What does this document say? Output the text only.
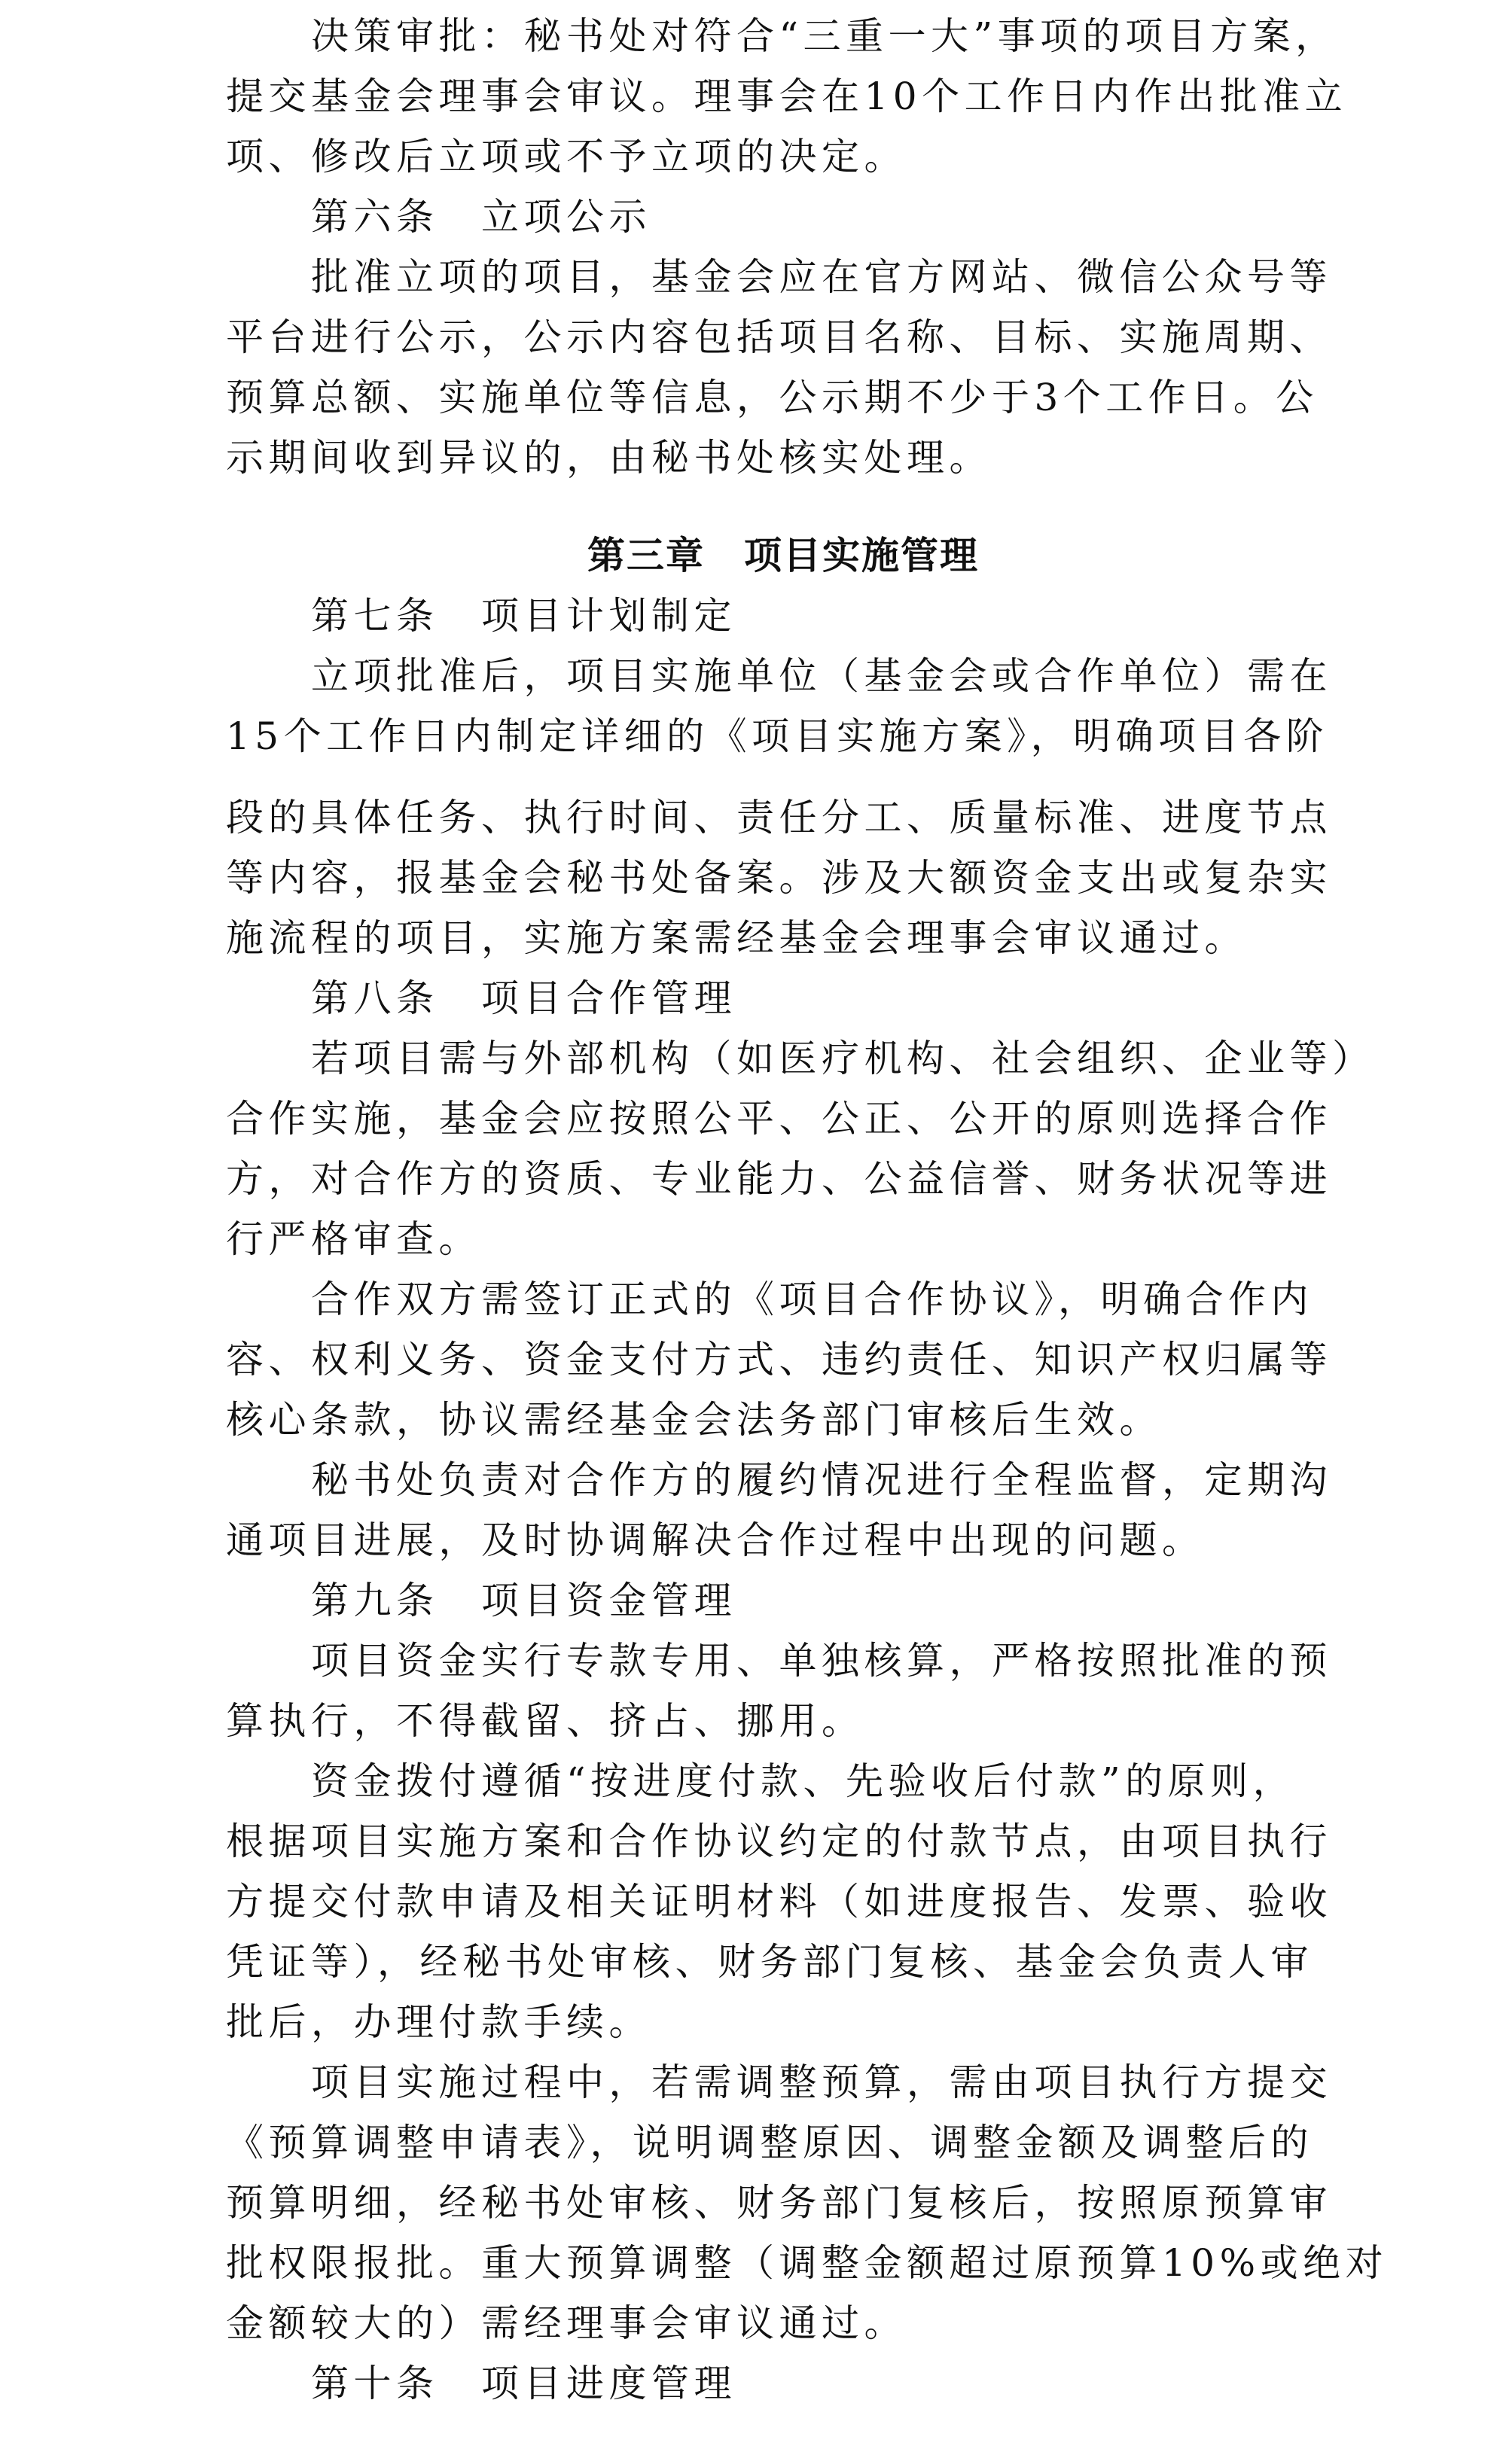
　　决策审批：秘书处对符合“三重一大”事项的项目方案，
提交基金会理事会审议。理事会在10个工作日内作出批准立
项、修改后立项或不予立项的决定。
　　第六条　立项公示
　　批准立项的项目，基金会应在官方网站、微信公众号等
平台进行公示，公示内容包括项目名称、目标、实施周期、
预算总额、实施单位等信息，公示期不少于3个工作日。公
示期间收到异议的，由秘书处核实处理。
第三章　项目实施管理
　　第七条　项目计划制定
　　立项批准后，项目实施单位（基金会或合作单位）需在
15个工作日内制定详细的《项目实施方案》，明确项目各阶
段的具体任务、执行时间、责任分工、质量标准、进度节点
等内容，报基金会秘书处备案。涉及大额资金支出或复杂实
施流程的项目，实施方案需经基金会理事会审议通过。
　　第八条　项目合作管理
　　若项目需与外部机构（如医疗机构、社会组织、企业等）
合作实施，基金会应按照公平、公正、公开的原则选择合作
方，对合作方的资质、专业能力、公益信誉、财务状况等进
行严格审查。
　　合作双方需签订正式的《项目合作协议》，明确合作内
容、权利义务、资金支付方式、违约责任、知识产权归属等
核心条款，协议需经基金会法务部门审核后生效。
　　秘书处负责对合作方的履约情况进行全程监督，定期沟
通项目进展，及时协调解决合作过程中出现的问题。
　　第九条　项目资金管理
　　项目资金实行专款专用、单独核算，严格按照批准的预
算执行，不得截留、挤占、挪用。
　　资金拨付遵循“按进度付款、先验收后付款”的原则，
根据项目实施方案和合作协议约定的付款节点，由项目执行
方提交付款申请及相关证明材料（如进度报告、发票、验收
凭证等），经秘书处审核、财务部门复核、基金会负责人审
批后，办理付款手续。
　　项目实施过程中，若需调整预算，需由项目执行方提交
《预算调整申请表》，说明调整原因、调整金额及调整后的
预算明细，经秘书处审核、财务部门复核后，按照原预算审
批权限报批。重大预算调整（调整金额超过原预算10%或绝对
金额较大的）需经理事会审议通过。
　　第十条　项目进度管理
